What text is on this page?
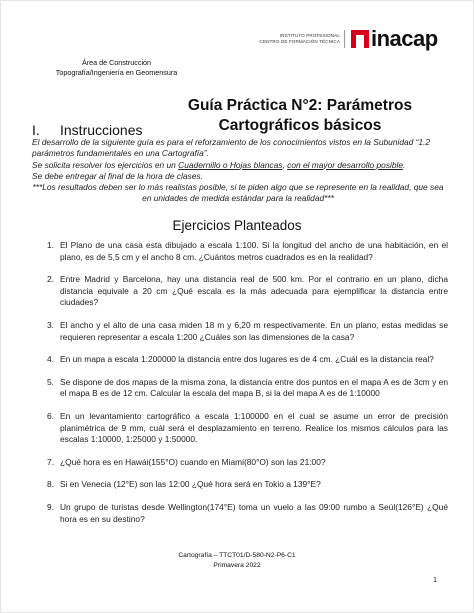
INSTITUTO PROFESIONAL
CENTRO DE FORMACIÓN TÉCNICA inacap
Área de Construcción
Topografía/Ingeniería en Geomensura
Guía Práctica N°2: Parámetros
Cartográficos básicos
I. Instrucciones

El desarrollo de la siguiente guía es para el reforzamiento de los conocimientos vistos en la Subunidad “1.2 parámetros fundamentales en una Cartografía”.

Se solicita resolver los ejercicios en un Cuadernillo o Hojas blancas, con el mayor desarrollo posible.

Se debe entregar al final de la hora de clases.

***Los resultados deben ser lo más realistas posible, si te piden algo que se represente en la realidad, que sea en unidades de medida estándar para la realidad***

Ejercicios Planteados
1. El Plano de una casa esta dibujado a escala 1:100. Si la longitud del ancho de una habitación, en el plano, es de 5,5 cm y el ancho 8 cm. ¿Cuántos metros cuadrados es en la realidad?
2. Entre Madrid y Barcelona, hay una distancia real de 500 km. Por el contrario en un plano, dicha distancia equivale a 20 cm ¿Qué escala es la más adecuada para ejemplificar la distancia entre ciudades?
3. El ancho y el alto de una casa miden 18 m y 6,20 m respectivamente. En un plano, estas medidas se requieren representar a escala 1:200 ¿Cuáles son las dimensiones de la casa?
4. En un mapa a escala 1:200000 la distancia entre dos lugares es de 4 cm. ¿Cuál es la distancia real?
5. Se dispone de dos mapas de la misma zona, la distancia entre dos puntos en el mapa A es de 3cm y en el mapa B es de 12 cm. Calcular la escala del mapa B, si la del mapa A es de 1:10000
6. En un levantamiento cartográfico a escala 1:100000 en el cual se asume un error de precisión planimétrica de 9 mm, cuál será el desplazamiento en terreno. Realice los mismos cálculos para las escalas 1:10000, 1:25000 y 1:50000.
7. ¿Qué hora es en Hawái(155°O) cuando en Miami(80°O) son las 21:00?
8. Si en Venecia (12°E) son las 12:00 ¿Qué hora será en Tokio a 139°E?
9. Un grupo de turistas desde Wellington(174°E) toma un vuelo a las 09:00 rumbo a Seúl(126°E) ¿Qué hora es en su destino?
Cartografía – TTCT01/D-580-N2-P6-C1
Primavera 2022
1
